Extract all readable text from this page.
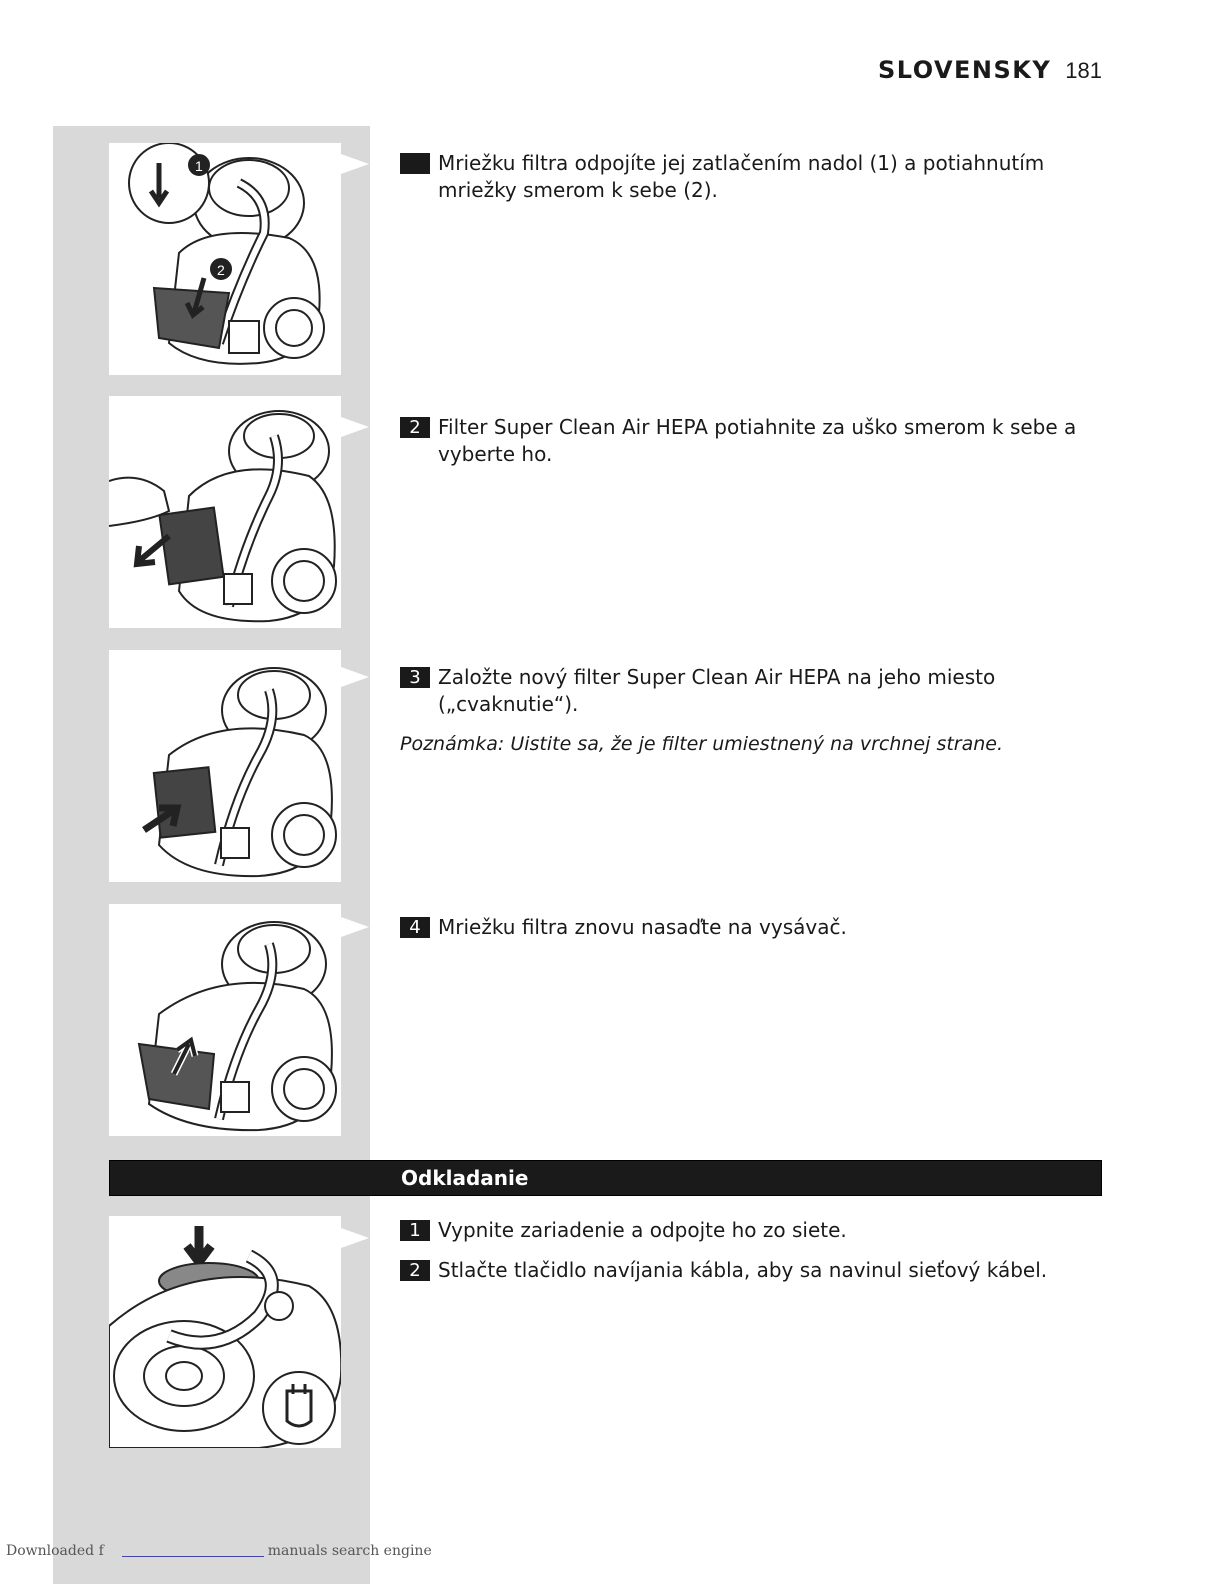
SLOVENSKY 181
1
2
Mriežku filtra odpojíte jej zatlačením nadol (1) a potiahnutím mriežky smerom k sebe (2).
2 Filter Super Clean Air HEPA potiahnite za uško smerom k sebe a vyberte ho.
3 Založte nový filter Super Clean Air HEPA na jeho miesto („cvaknutie“).
Poznámka: Uistite sa, že je filter umiestnený na vrchnej strane.
4 Mriežku filtra znovu nasaďte na vysávač.
Odkladanie
1 Vypnite zariadenie a odpojte ho zo siete.
2 Stlačte tlačidlo navíjania kábla, aby sa navinul sieťový kábel.
Downloaded f	manuals search engine
